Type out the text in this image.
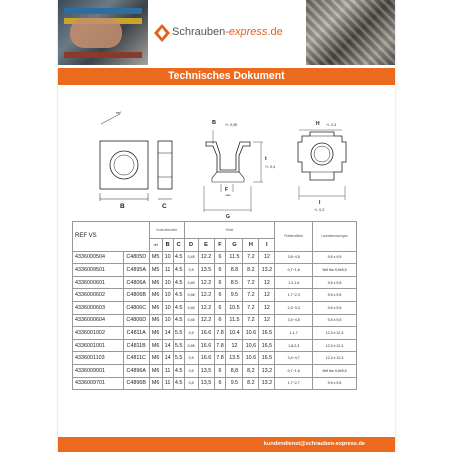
Schrauben-express.de
Technisches Dokument
ref
B	C
B	+/- 0,05
t
+/- 0,3
F
max
G
H +/- 0,3
I
+/- 0,3
REF VS		Vorsichtsmaße			Höhe						Plattenstärke	Lochabmessungen
		ref	B	C	D	E	F	G	H	I		
4336000504	C4805D	M5	10	4.5	0,45	12.2	6	11.5	7.2	12	3,6~4,5	9,5 x 9,5
4336009501	C4895A	M5	11	4.5	0,5	13.5	6	8.8	8.2	13.2	0,7~1,6	9x9 bis 9,5x9,5
4336000601	C4806A	M6	10	4.5	0,45	12.2	6	8.5	7.2	12	1.2-1.6	9,5 x 9,5
4336000602	C4806B	M6	10	4.5	0,46	12.2	6	9.5	7.2	12	1,7~2,3	9,5 x 9,5
4336000603	C4806C	M6	10	4.5	0,45	12.2	6	10.5	7.2	12	2,4~3,3	9,5 x 9,5
4336000604	C4806D	M6	10	4.5	0,45	12.2	6	11.5	7.2	12	3,4~4,5	9,5 x 9,5
4336001002	C4811A	M6	14	5.5	0,5	16.6	7.8	10.4	10.6	16.5	1-1.7	12,3 x 12,3
4336001001	C4811B	M6	14	5.5	0,55	16.6	7.8	12	10,6	16,5	1,8-2,3	12,3 x 12,3
4336001103	C4811C	M6	14	5.5	0,5	16.6	7.8	13.5	10.6	16.5	3,4~4,7	12,3 x 12,3
4336009001	C4896A	M6	11	4.5	0,5	13,5	6	8,8	8,2	13,2	0,7~1,6	9x9 bis 9,5x9,5
4336009701	C4896B	M6	11	4.5	0,5	13,5	6	9.5	8.2	13.2	1,7~2,7	9,5 x 9,5
kundendienst@schrauben-express.de
